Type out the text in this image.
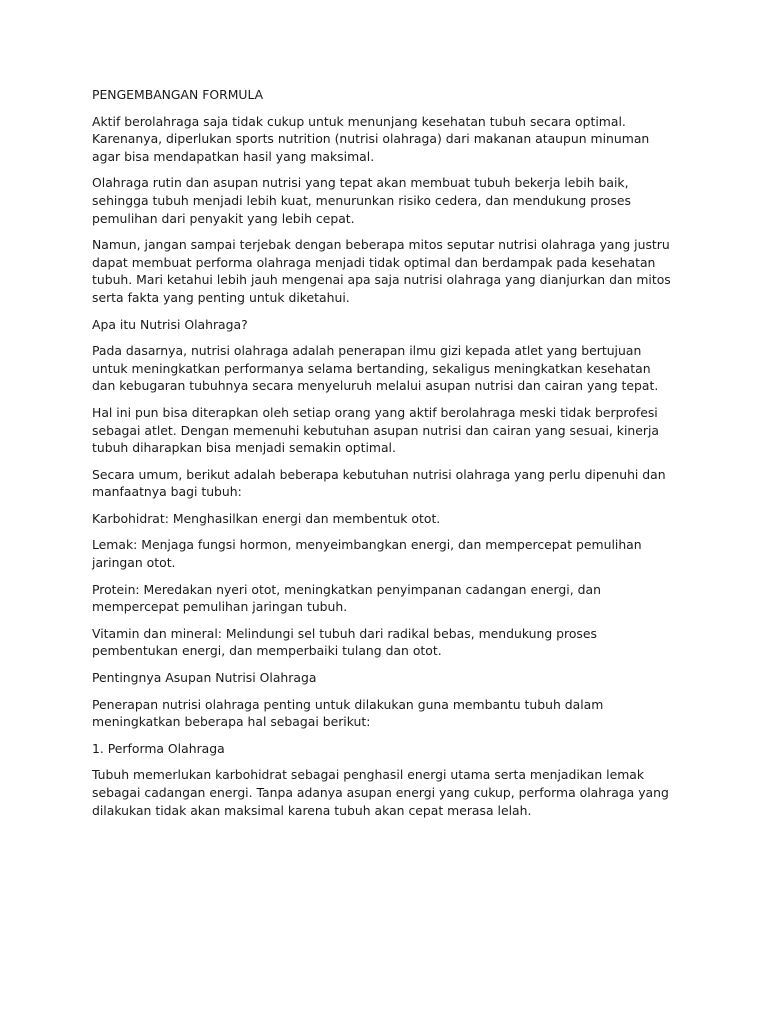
PENGEMBANGAN FORMULA

Aktif berolahraga saja tidak cukup untuk menunjang kesehatan tubuh secara optimal. Karenanya, diperlukan sports nutrition (nutrisi olahraga) dari makanan ataupun minuman agar bisa mendapatkan hasil yang maksimal.

Olahraga rutin dan asupan nutrisi yang tepat akan membuat tubuh bekerja lebih baik, sehingga tubuh menjadi lebih kuat, menurunkan risiko cedera, dan mendukung proses pemulihan dari penyakit yang lebih cepat.

Namun, jangan sampai terjebak dengan beberapa mitos seputar nutrisi olahraga yang justru dapat membuat performa olahraga menjadi tidak optimal dan berdampak pada kesehatan tubuh. Mari ketahui lebih jauh mengenai apa saja nutrisi olahraga yang dianjurkan dan mitos serta fakta yang penting untuk diketahui.

Apa itu Nutrisi Olahraga?

Pada dasarnya, nutrisi olahraga adalah penerapan ilmu gizi kepada atlet yang bertujuan untuk meningkatkan performanya selama bertanding, sekaligus meningkatkan kesehatan dan kebugaran tubuhnya secara menyeluruh melalui asupan nutrisi dan cairan yang tepat.

Hal ini pun bisa diterapkan oleh setiap orang yang aktif berolahraga meski tidak berprofesi sebagai atlet. Dengan memenuhi kebutuhan asupan nutrisi dan cairan yang sesuai, kinerja tubuh diharapkan bisa menjadi semakin optimal.

Secara umum, berikut adalah beberapa kebutuhan nutrisi olahraga yang perlu dipenuhi dan manfaatnya bagi tubuh:

Karbohidrat: Menghasilkan energi dan membentuk otot.

Lemak: Menjaga fungsi hormon, menyeimbangkan energi, dan mempercepat pemulihan jaringan otot.

Protein: Meredakan nyeri otot, meningkatkan penyimpanan cadangan energi, dan mempercepat pemulihan jaringan tubuh.

Vitamin dan mineral: Melindungi sel tubuh dari radikal bebas, mendukung proses pembentukan energi, dan memperbaiki tulang dan otot.

Pentingnya Asupan Nutrisi Olahraga

Penerapan nutrisi olahraga penting untuk dilakukan guna membantu tubuh dalam meningkatkan beberapa hal sebagai berikut:

1. Performa Olahraga

Tubuh memerlukan karbohidrat sebagai penghasil energi utama serta menjadikan lemak sebagai cadangan energi. Tanpa adanya asupan energi yang cukup, performa olahraga yang dilakukan tidak akan maksimal karena tubuh akan cepat merasa lelah.
